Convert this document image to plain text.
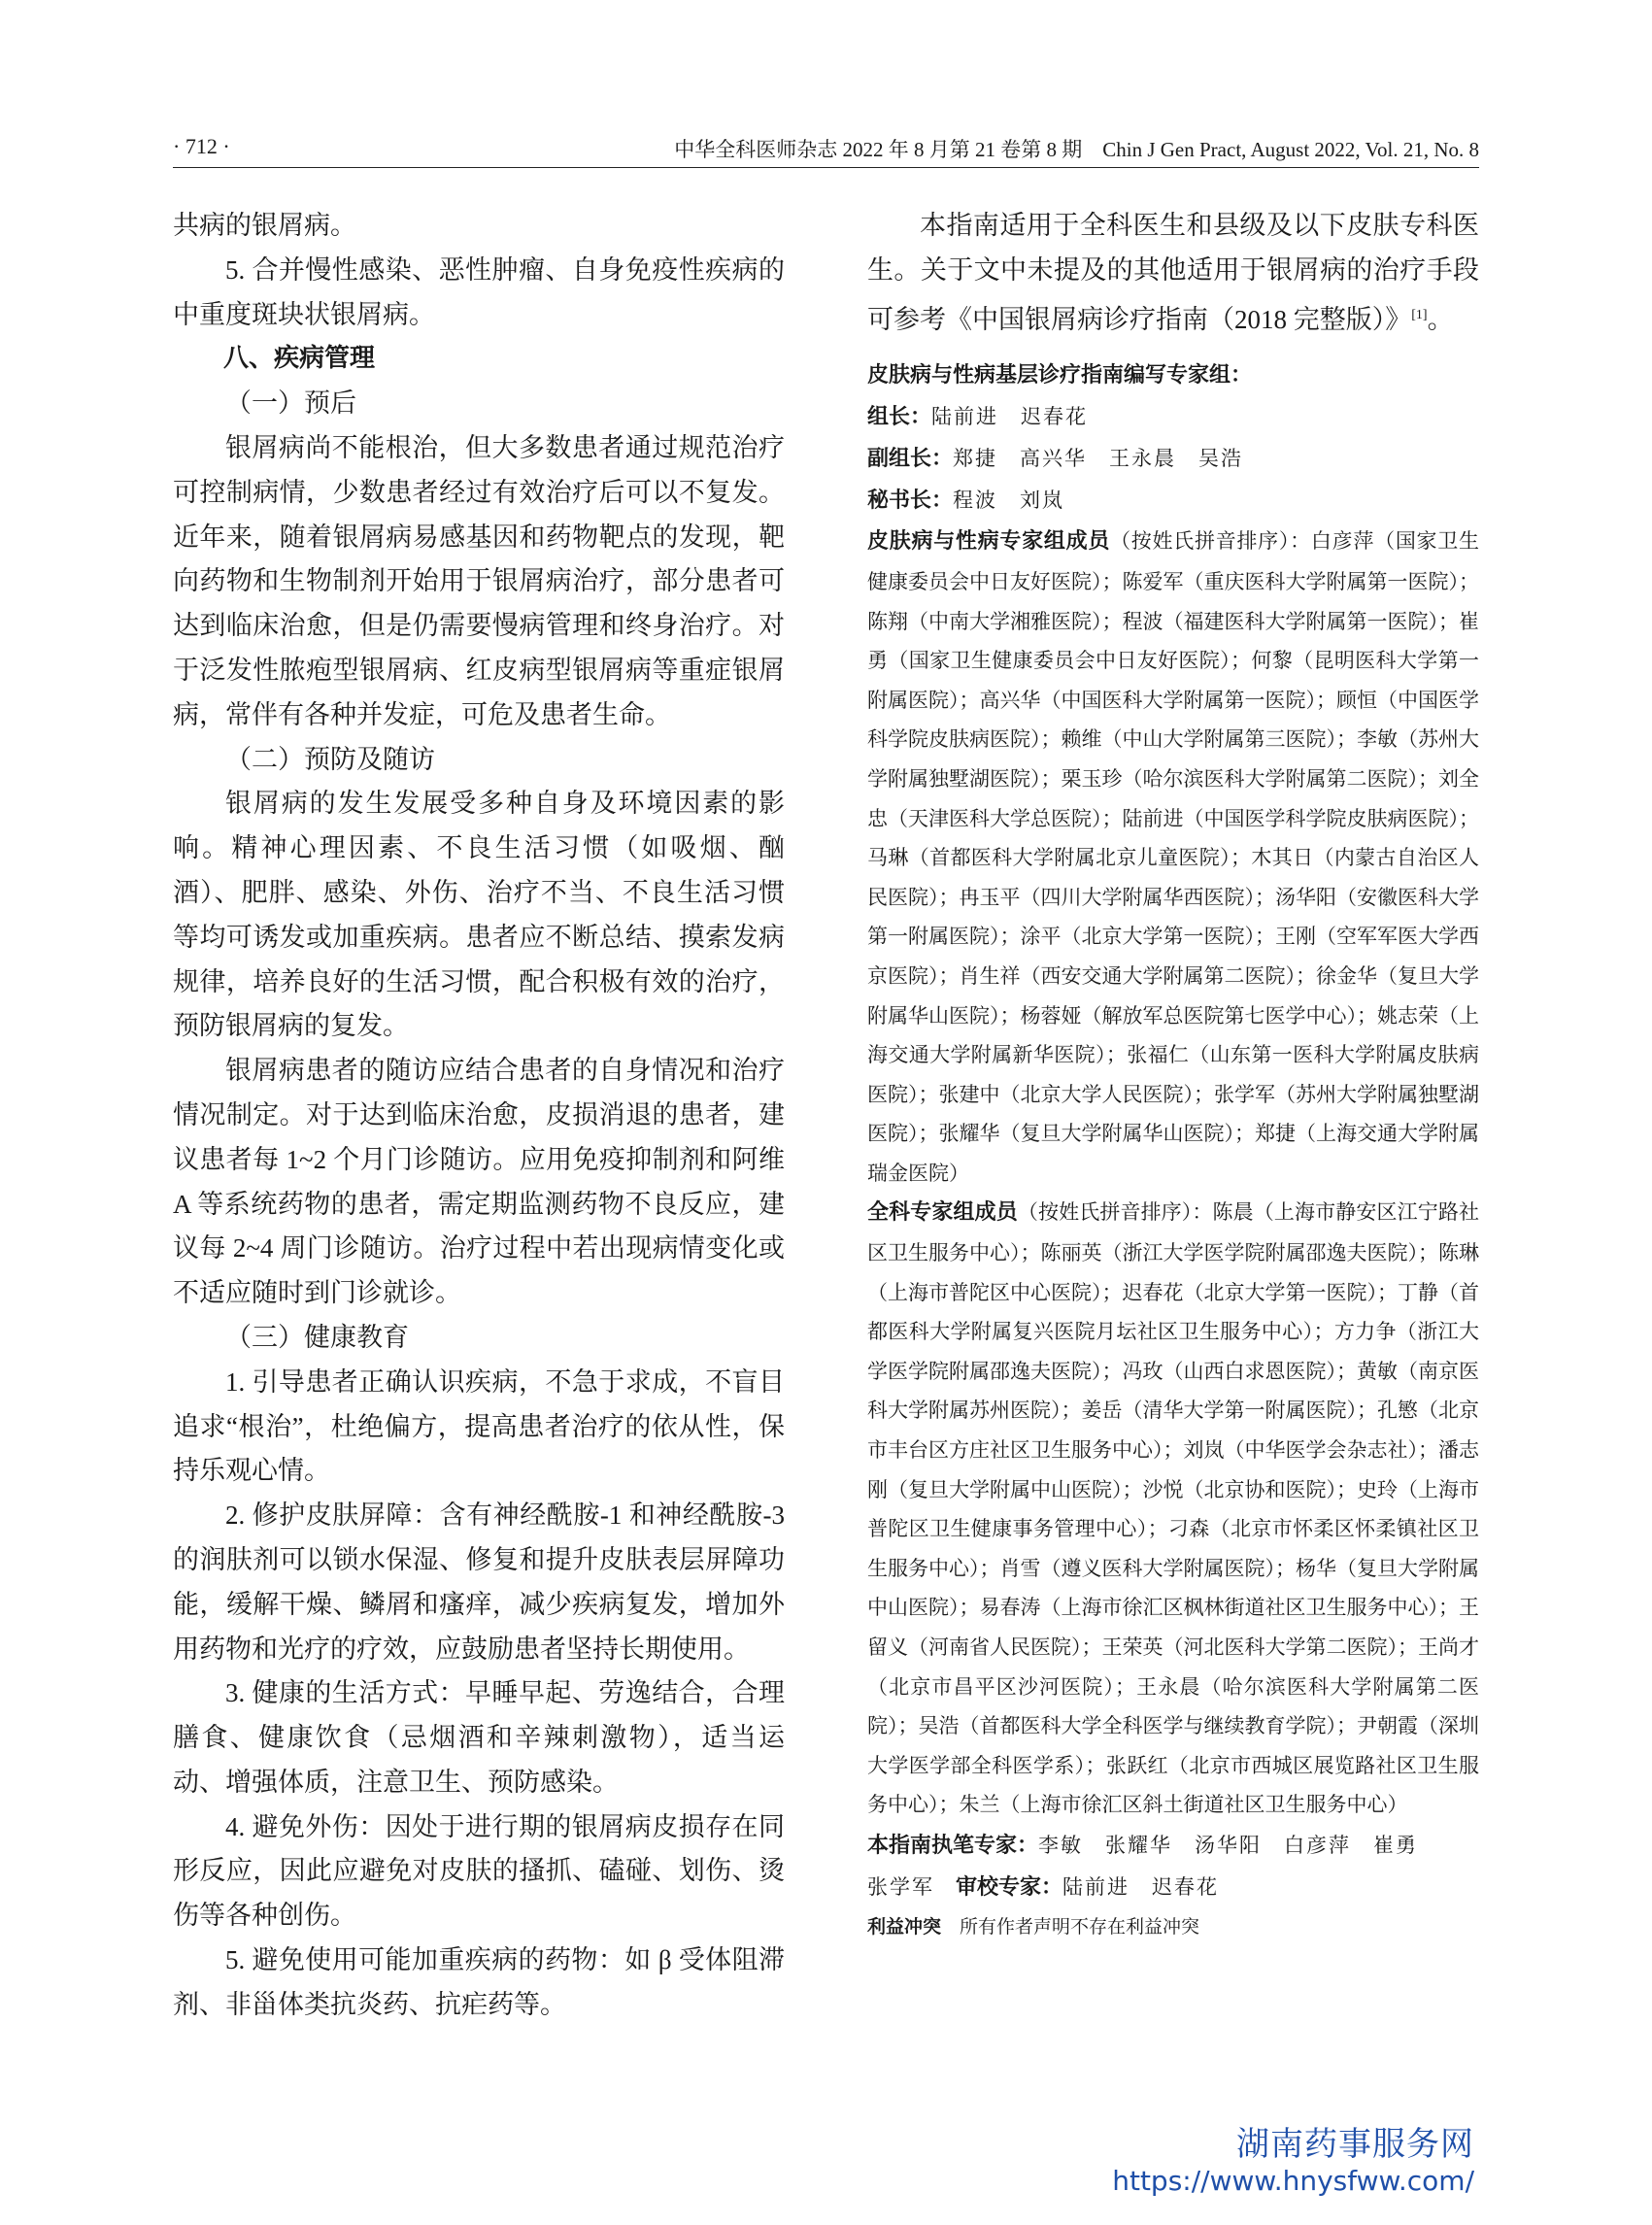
· 712 ·	中华全科医师杂志 2022 年 8 月第 21 卷第 8 期　Chin J Gen Pract, August 2022, Vol. 21, No. 8

共病的银屑病。

5. 合并慢性感染、恶性肿瘤、自身免疫性疾病的中重度斑块状银屑病。

八、疾病管理

（一）预后

银屑病尚不能根治，但大多数患者通过规范治疗可控制病情，少数患者经过有效治疗后可以不复发。近年来，随着银屑病易感基因和药物靶点的发现，靶向药物和生物制剂开始用于银屑病治疗，部分患者可达到临床治愈，但是仍需要慢病管理和终身治疗。对于泛发性脓疱型银屑病、红皮病型银屑病等重症银屑病，常伴有各种并发症，可危及患者生命。

（二）预防及随访

银屑病的发生发展受多种自身及环境因素的影响。精神心理因素、不良生活习惯（如吸烟、酗酒）、肥胖、感染、外伤、治疗不当、不良生活习惯等均可诱发或加重疾病。患者应不断总结、摸索发病规律，培养良好的生活习惯，配合积极有效的治疗，预防银屑病的复发。

银屑病患者的随访应结合患者的自身情况和治疗情况制定。对于达到临床治愈，皮损消退的患者，建议患者每 1~2 个月门诊随访。应用免疫抑制剂和阿维 A 等系统药物的患者，需定期监测药物不良反应，建议每 2~4 周门诊随访。治疗过程中若出现病情变化或不适应随时到门诊就诊。

（三）健康教育

1. 引导患者正确认识疾病，不急于求成，不盲目追求“根治”，杜绝偏方，提高患者治疗的依从性，保持乐观心情。

2. 修护皮肤屏障：含有神经酰胺-1 和神经酰胺-3 的润肤剂可以锁水保湿、修复和提升皮肤表层屏障功能，缓解干燥、鳞屑和瘙痒，减少疾病复发，增加外用药物和光疗的疗效，应鼓励患者坚持长期使用。

3. 健康的生活方式：早睡早起、劳逸结合，合理膳食、健康饮食（忌烟酒和辛辣刺激物），适当运动、增强体质，注意卫生、预防感染。

4. 避免外伤：因处于进行期的银屑病皮损存在同形反应，因此应避免对皮肤的搔抓、磕碰、划伤、烫伤等各种创伤。

5. 避免使用可能加重疾病的药物：如 β 受体阻滞剂、非甾体类抗炎药、抗疟药等。

本指南适用于全科医生和县级及以下皮肤专科医生。关于文中未提及的其他适用于银屑病的治疗手段可参考《中国银屑病诊疗指南（2018 完整版）》[1]。

皮肤病与性病基层诊疗指南编写专家组：
组长：陆前进　迟春花
副组长：郑捷　高兴华　王永晨　吴浩
秘书长：程波　刘岚
皮肤病与性病专家组成员（按姓氏拼音排序）：白彦萍（国家卫生健康委员会中日友好医院）；陈爱军（重庆医科大学附属第一医院）；陈翔（中南大学湘雅医院）；程波（福建医科大学附属第一医院）；崔勇（国家卫生健康委员会中日友好医院）；何黎（昆明医科大学第一附属医院）；高兴华（中国医科大学附属第一医院）；顾恒（中国医学科学院皮肤病医院）；赖维（中山大学附属第三医院）；李敏（苏州大学附属独墅湖医院）；栗玉珍（哈尔滨医科大学附属第二医院）；刘全忠（天津医科大学总医院）；陆前进（中国医学科学院皮肤病医院）；马琳（首都医科大学附属北京儿童医院）；木其日（内蒙古自治区人民医院）；冉玉平（四川大学附属华西医院）；汤华阳（安徽医科大学第一附属医院）；涂平（北京大学第一医院）；王刚（空军军医大学西京医院）；肖生祥（西安交通大学附属第二医院）；徐金华（复旦大学附属华山医院）；杨蓉娅（解放军总医院第七医学中心）；姚志荣（上海交通大学附属新华医院）；张福仁（山东第一医科大学附属皮肤病医院）；张建中（北京大学人民医院）；张学军（苏州大学附属独墅湖医院）；张耀华（复旦大学附属华山医院）；郑捷（上海交通大学附属瑞金医院）
全科专家组成员（按姓氏拼音排序）：陈晨（上海市静安区江宁路社区卫生服务中心）；陈丽英（浙江大学医学院附属邵逸夫医院）；陈琳（上海市普陀区中心医院）；迟春花（北京大学第一医院）；丁静（首都医科大学附属复兴医院月坛社区卫生服务中心）；方力争（浙江大学医学院附属邵逸夫医院）；冯玫（山西白求恩医院）；黄敏（南京医科大学附属苏州医院）；姜岳（清华大学第一附属医院）；孔慜（北京市丰台区方庄社区卫生服务中心）；刘岚（中华医学会杂志社）；潘志刚（复旦大学附属中山医院）；沙悦（北京协和医院）；史玲（上海市普陀区卫生健康事务管理中心）；刁森（北京市怀柔区怀柔镇社区卫生服务中心）；肖雪（遵义医科大学附属医院）；杨华（复旦大学附属中山医院）；易春涛（上海市徐汇区枫林街道社区卫生服务中心）；王留义（河南省人民医院）；王荣英（河北医科大学第二医院）；王尚才（北京市昌平区沙河医院）；王永晨（哈尔滨医科大学附属第二医院）；吴浩（首都医科大学全科医学与继续教育学院）；尹朝霞（深圳大学医学部全科医学系）；张跃红（北京市西城区展览路社区卫生服务中心）；朱兰（上海市徐汇区斜土街道社区卫生服务中心）
本指南执笔专家：李敏　张耀华　汤华阳　白彦萍　崔勇
张学军　 审校专家：陆前进　迟春花
利益冲突　 所有作者声明不存在利益冲突
湖南药事服务网
https://www.hnysfww.com/
